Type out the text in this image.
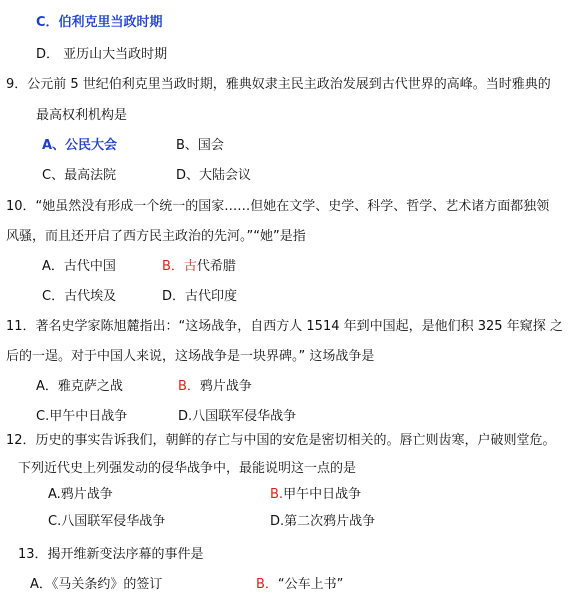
C．伯利克里当政时期
D． 亚历山大当政时期
9．公元前 5 世纪伯利克里当政时期，雅典奴隶主民主政治发展到古代世界的高峰。当时雅典的
最高权利机构是
A、公民大会	B、国会
C、最高法院	D、大陆会议
10．“她虽然没有形成一个统一的国家……但她在文学、史学、科学、哲学、艺术诸方面都独领
风骚，而且还开启了西方民主政治的先河。”“她”是指
A．古代中国	B．古代希腊
C．古代埃及	D．古代印度
11．著名史学家陈旭麓指出：“这场战争，自西方人 1514 年到中国起，是他们积 325 年窥探 之
后的一逞。对于中国人来说，这场战争是一块界碑。” 这场战争是
A．雅克萨之战	B．鸦片战争
C.甲午中日战争	D.八国联军侵华战争
12．历史的事实告诉我们，朝鲜的存亡与中国的安危是密切相关的。唇亡则齿寒，户破则堂危。
下列近代史上列强发动的侵华战争中，最能说明这一点的是
A.鸦片战争	B.甲午中日战争
C.八国联军侵华战争	D.第二次鸦片战争
13．揭开维新变法序幕的事件是
A．《马关条约》的签订	B．“公车上书”
